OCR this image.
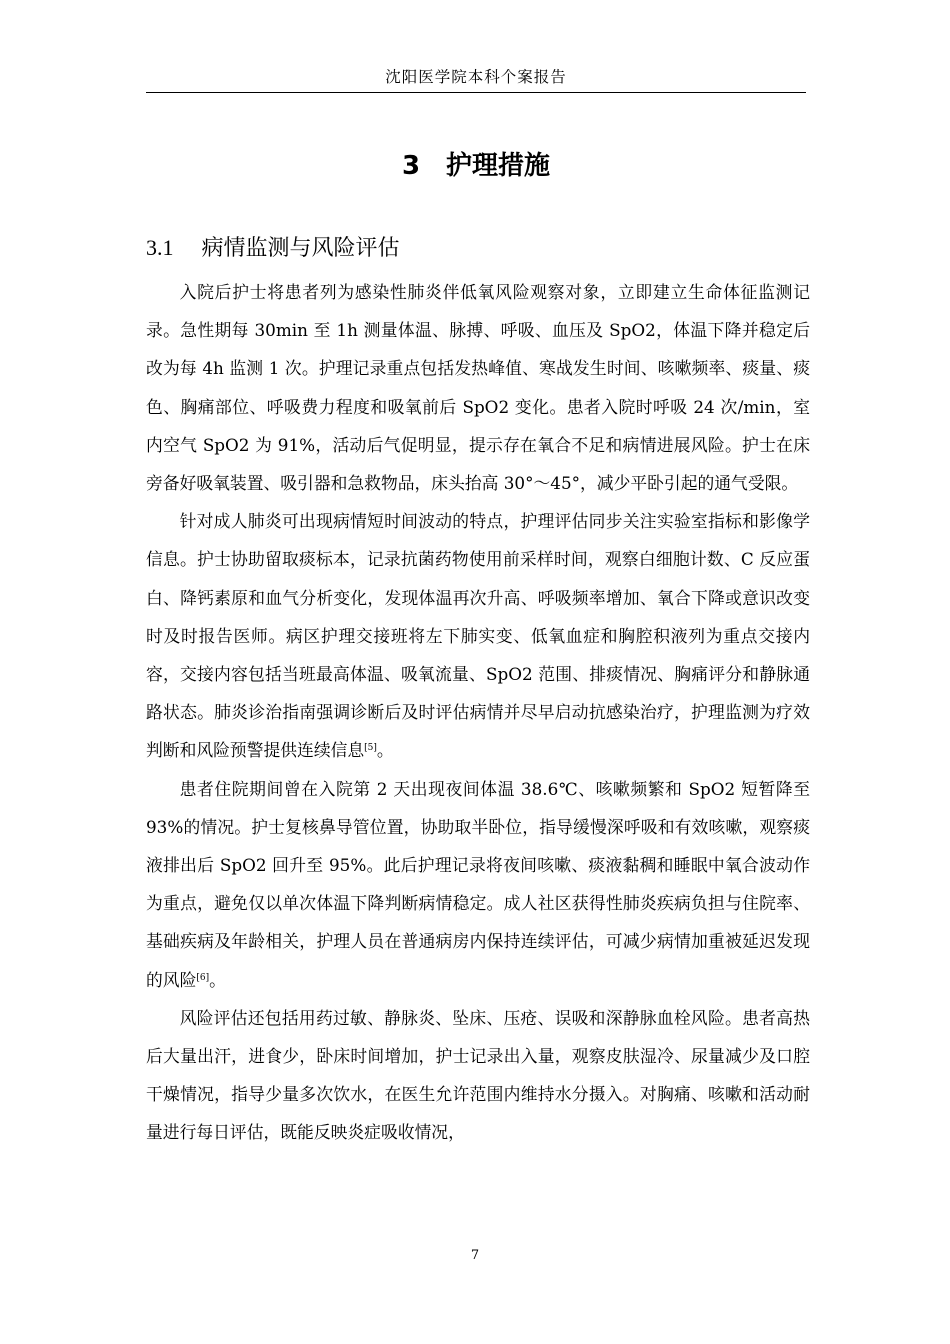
沈阳医学院本科个案报告
3 护理措施
3.1 病情监测与风险评估

入院后护士将患者列为感染性肺炎伴低氧风险观察对象，立即建立生命体征监测记录。急性期每 30min 至 1h 测量体温、脉搏、呼吸、血压及 SpO2，体温下降并稳定后改为每 4h 监测 1 次。护理记录重点包括发热峰值、寒战发生时间、咳嗽频率、痰量、痰色、胸痛部位、呼吸费力程度和吸氧前后 SpO2 变化。患者入院时呼吸 24 次/min，室内空气 SpO2 为 91%，活动后气促明显，提示存在氧合不足和病情进展风险。护士在床旁备好吸氧装置、吸引器和急救物品，床头抬高 30°～45°，减少平卧引起的通气受限。

针对成人肺炎可出现病情短时间波动的特点，护理评估同步关注实验室指标和影像学信息。护士协助留取痰标本，记录抗菌药物使用前采样时间，观察白细胞计数、C 反应蛋白、降钙素原和血气分析变化，发现体温再次升高、呼吸频率增加、氧合下降或意识改变时及时报告医师。病区护理交接班将左下肺实变、低氧血症和胸腔积液列为重点交接内容，交接内容包括当班最高体温、吸氧流量、SpO2 范围、排痰情况、胸痛评分和静脉通路状态。肺炎诊治指南强调诊断后及时评估病情并尽早启动抗感染治疗，护理监测为疗效判断和风险预警提供连续信息[5]。

患者住院期间曾在入院第 2 天出现夜间体温 38.6℃、咳嗽频繁和 SpO2 短暂降至 93%的情况。护士复核鼻导管位置，协助取半卧位，指导缓慢深呼吸和有效咳嗽，观察痰液排出后 SpO2 回升至 95%。此后护理记录将夜间咳嗽、痰液黏稠和睡眠中氧合波动作为重点，避免仅以单次体温下降判断病情稳定。成人社区获得性肺炎疾病负担与住院率、基础疾病及年龄相关，护理人员在普通病房内保持连续评估，可减少病情加重被延迟发现的风险[6]。

风险评估还包括用药过敏、静脉炎、坠床、压疮、误吸和深静脉血栓风险。患者高热后大量出汗，进食少，卧床时间增加，护士记录出入量，观察皮肤湿冷、尿量减少及口腔干燥情况，指导少量多次饮水，在医生允许范围内维持水分摄入。对胸痛、咳嗽和活动耐量进行每日评估，既能反映炎症吸收情况，

7
